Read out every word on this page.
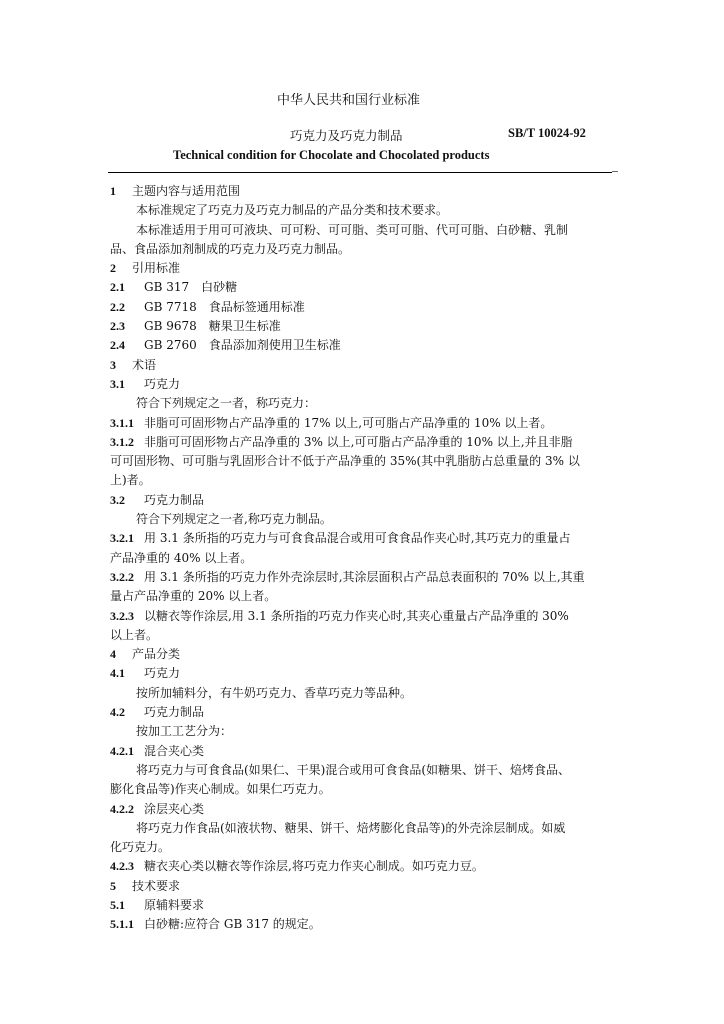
中华人民共和国行业标准
巧克力及巧克力制品	SB/T 10024-92
Technical condition for Chocolate and Chocolated products
1 主题内容与适用范围
本标准规定了巧克力及巧克力制品的产品分类和技术要求。
本标准适用于用可可液块、可可粉、可可脂、类可可脂、代可可脂、白砂糖、乳制
品、食品添加剂制成的巧克力及巧克力制品。
2 引用标准
2.1 GB 317　白砂糖
2.2 GB 7718　食品标签通用标准
2.3 GB 9678　糖果卫生标准
2.4 GB 2760　食品添加剂使用卫生标准
3 术语
3.1 巧克力
符合下列规定之一者，称巧克力：
3.1.1 非脂可可固形物占产品净重的 17% 以上,可可脂占产品净重的 10% 以上者。
3.1.2 非脂可可固形物占产品净重的 3% 以上,可可脂占产品净重的 10% 以上,并且非脂
可可固形物、可可脂与乳固形合计不低于产品净重的 35%(其中乳脂肪占总重量的 3% 以
上)者。
3.2 巧克力制品
符合下列规定之一者,称巧克力制品。
3.2.1 用 3.1 条所指的巧克力与可食食品混合或用可食食品作夹心时,其巧克力的重量占
产品净重的 40% 以上者。
3.2.2 用 3.1 条所指的巧克力作外壳涂层时,其涂层面积占产品总表面积的 70% 以上,其重
量占产品净重的 20% 以上者。
3.2.3 以糖衣等作涂层,用 3.1 条所指的巧克力作夹心时,其夹心重量占产品净重的 30%
以上者。
4 产品分类
4.1 巧克力
按所加辅料分，有牛奶巧克力、香草巧克力等品种。
4.2 巧克力制品
按加工工艺分为：
4.2.1 混合夹心类
将巧克力与可食食品(如果仁、干果)混合或用可食食品(如糖果、饼干、焙烤食品、
膨化食品等)作夹心制成。如果仁巧克力。
4.2.2 涂层夹心类
将巧克力作食品(如液状物、糖果、饼干、焙烤膨化食品等)的外壳涂层制成。如威
化巧克力。
4.2.3 糖衣夹心类以糖衣等作涂层,将巧克力作夹心制成。如巧克力豆。
5 技术要求
5.1 原辅料要求
5.1.1 白砂糖:应符合 GB 317 的规定。
